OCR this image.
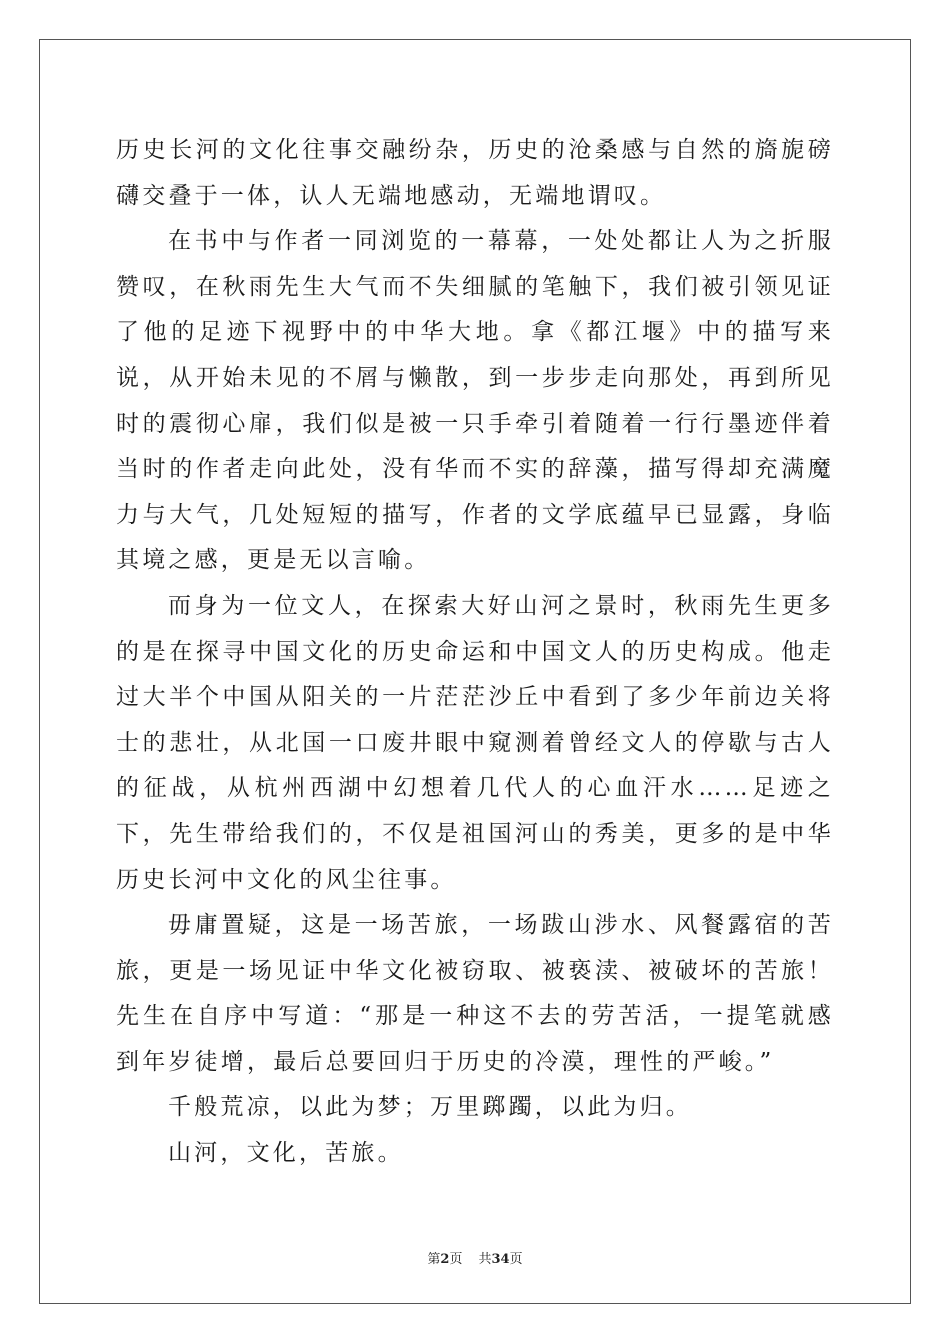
历史长河的文化往事交融纷杂，历史的沧桑感与自然的旖旎磅礴交叠于一体，认人无端地感动，无端地谓叹。

在书中与作者一同浏览的一幕幕，一处处都让人为之折服赞叹，在秋雨先生大气而不失细腻的笔触下，我们被引领见证了他的足迹下视野中的中华大地。拿《都江堰》中的描写来说，从开始未见的不屑与懒散，到一步步走向那处，再到所见时的震彻心扉，我们似是被一只手牵引着随着一行行墨迹伴着当时的作者走向此处，没有华而不实的辞藻，描写得却充满魔力与大气，几处短短的描写，作者的文学底蕴早已显露，身临其境之感，更是无以言喻。

而身为一位文人，在探索大好山河之景时，秋雨先生更多的是在探寻中国文化的历史命运和中国文人的历史构成。他走过大半个中国从阳关的一片茫茫沙丘中看到了多少年前边关将士的悲壮，从北国一口废井眼中窥测着曾经文人的停歇与古人的征战，从杭州西湖中幻想着几代人的心血汗水……足迹之下，先生带给我们的，不仅是祖国河山的秀美，更多的是中华历史长河中文化的风尘往事。

毋庸置疑，这是一场苦旅，一场跋山涉水、风餐露宿的苦旅，更是一场见证中华文化被窃取、被亵渎、被破坏的苦旅！先生在自序中写道：“那是一种这不去的劳苦活，一提笔就感到年岁徒增，最后总要回归于历史的冷漠，理性的严峻。”

千般荒凉，以此为梦；万里踯躅，以此为归。

山河，文化，苦旅。

第2页 共34页
